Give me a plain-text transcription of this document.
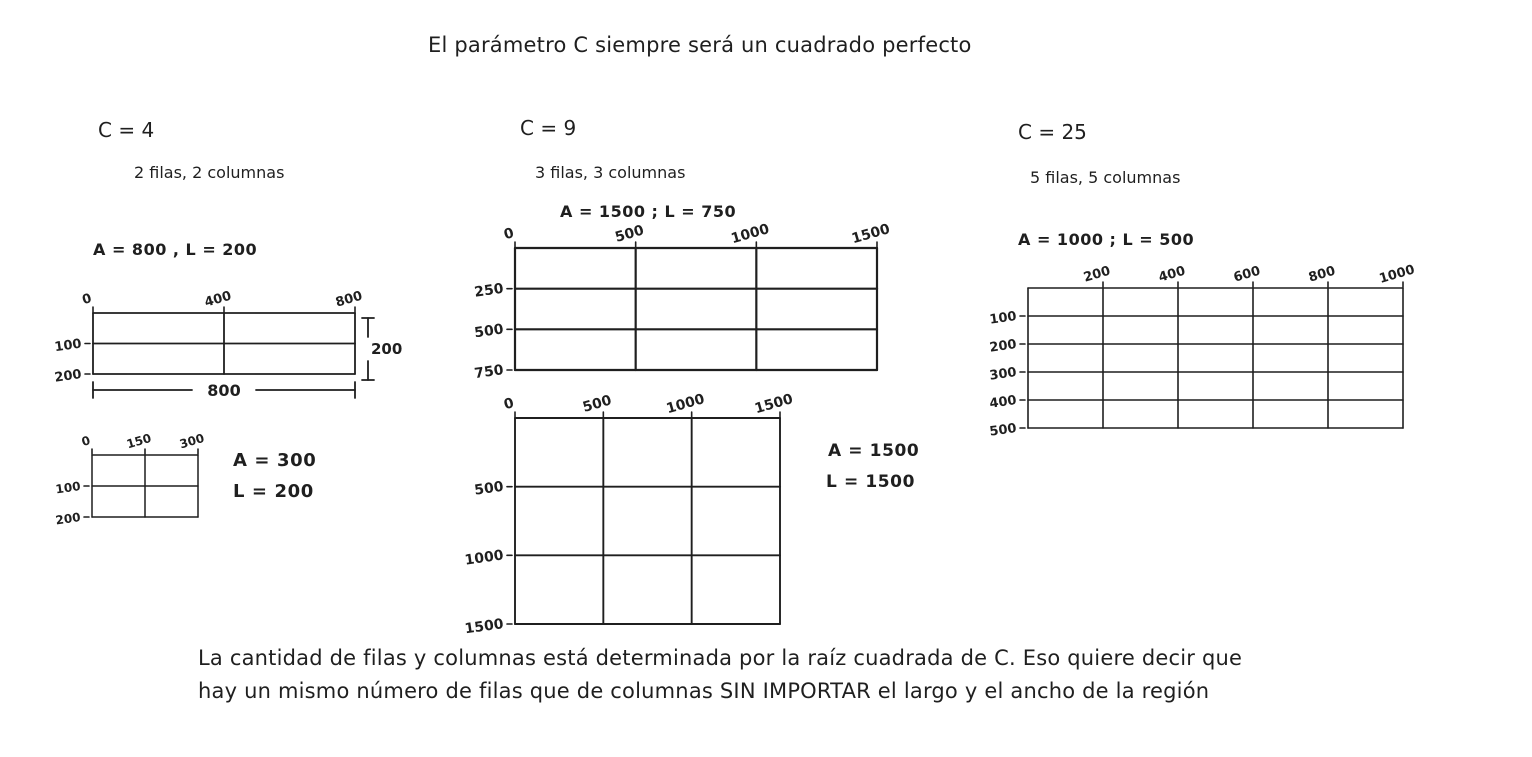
El parámetro C siempre será un cuadrado perfecto
C = 4
2 filas, 2 columnas
A = 800 , L = 200
0	400	800
100
200
200
800
0	150 300
100
200
A = 300
L = 200
C = 9
3 filas, 3 columnas
A = 1500 ; L = 750
0	500	1000	1500
250
500
750
0	500	1000	1500
500
1000
1500
A = 1500
L = 1500
C = 25
5 filas, 5 columnas
A = 1000 ; L = 500
200	400	600	800	1000
100
200
300
400
500
La cantidad de filas y columnas está determinada por la raíz cuadrada de C. Eso quiere decir que
hay un mismo número de filas que de columnas SIN IMPORTAR el largo y el ancho de la región
